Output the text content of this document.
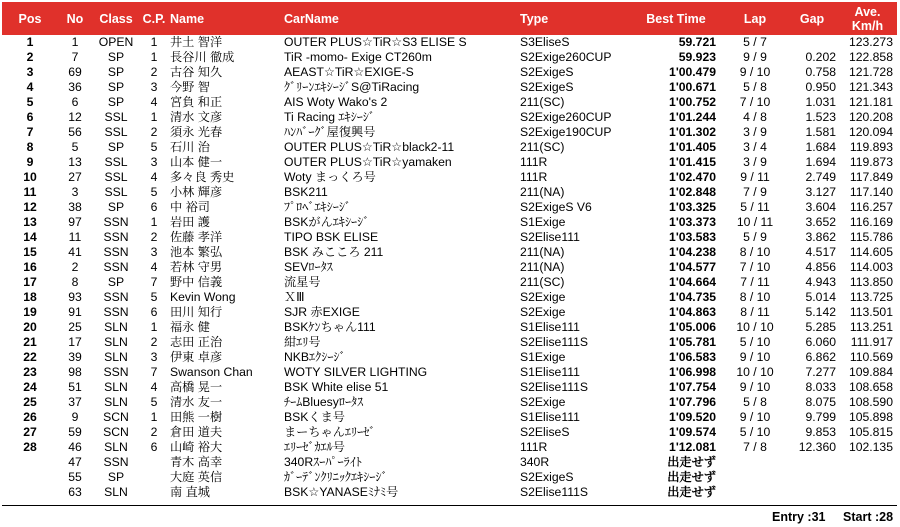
Pos	No	Class	C.P.	Name	CarName	Type	Best Time	Lap	Gap	Ave.
Km/h
1	1	OPEN	1	井土 智洋	OUTER PLUS☆TiR☆S3 ELISE S	S3EliseS	59.721	5 / 7		123.273
2	7	SP	1	長谷川 徹成	TiR -momo- Exige CT260m	S2Exige260CUP	59.923	9 / 9	0.202	122.858
3	69	SP	2	古谷 知久	AEAST☆TiR☆EXIGE-S	S2ExigeS	1'00.479	9 / 10	0.758	121.728
4	36	SP	3	今野 智	ｸﾞﾘｰﾝｴｷｼｰｼﾞS@TiRacing	S2ExigeS	1'00.671	5 / 8	0.950	121.343
5	6	SP	4	宮負 和正	AIS Woty Wako's 2	211(SC)	1'00.752	7 / 10	1.031	121.181
6	12	SSL	1	清水 文彦	Ti Racing ｴｷｼｰｼﾞ	S2Exige260CUP	1'01.244	4 / 8	1.523	120.208
7	56	SSL	2	須永 光春	ﾊﾝﾊﾞｰｸﾞ屋復興号	S2Exige190CUP	1'01.302	3 / 9	1.581	120.094
8	5	SP	5	石川 治	OUTER PLUS☆TiR☆black2-11	211(SC)	1'01.405	3 / 4	1.684	119.893
9	13	SSL	3	山本 健一	OUTER PLUS☆TiR☆yamaken	111R	1'01.415	3 / 9	1.694	119.873
10	27	SSL	4	多々良 秀史	Woty まっくろ号	111R	1'02.470	9 / 11	2.749	117.849
11	3	SSL	5	小林 輝彦	BSK211	211(NA)	1'02.848	7 / 9	3.127	117.140
12	38	SP	6	中 裕司	ﾌﾟﾛﾍﾞｴｷｼｰｼﾞ	S2ExigeS V6	1'03.325	5 / 11	3.604	116.257
13	97	SSN	1	岩田 護	BSKがんｴｷｼｰｼﾞ	S1Exige	1'03.373	10 / 11	3.652	116.169
14	11	SSN	2	佐藤 孝洋	TIPO BSK ELISE	S2Elise111	1'03.583	5 / 9	3.862	115.786
15	41	SSN	3	池本 繁弘	BSK みこころ 211	211(NA)	1'04.238	8 / 10	4.517	114.605
16	2	SSN	4	若林 守男	SEVﾛｰﾀｽ	211(NA)	1'04.577	7 / 10	4.856	114.003
17	8	SP	7	野中 信義	流星号	211(SC)	1'04.664	7 / 11	4.943	113.850
18	93	SSN	5	Kevin Wong	ＸⅢ	S2Exige	1'04.735	8 / 10	5.014	113.725
19	91	SSN	6	田川 知行	SJR 赤EXIGE	S2Exige	1'04.863	8 / 11	5.142	113.501
20	25	SLN	1	福永 健	BSKｹﾝちゃん111	S1Elise111	1'05.006	10 / 10	5.285	113.251
21	17	SLN	2	志田 正治	紺ｴﾘ号	S2Elise111S	1'05.781	5 / 10	6.060	111.917
22	39	SLN	3	伊東 卓彦	NKBｴｸｼｰｼﾞ	S1Exige	1'06.583	9 / 10	6.862	110.569
23	98	SSN	7	Swanson Chan	WOTY SILVER LIGHTING	S1Elise111	1'06.998	10 / 10	7.277	109.884
24	51	SLN	4	高橋 晃一	BSK White elise 51	S2Elise111S	1'07.754	9 / 10	8.033	108.658
25	37	SLN	5	清水 友一	ﾁｰﾑBluesyﾛｰﾀｽ	S2Exige	1'07.796	5 / 8	8.075	108.590
26	9	SCN	1	田熊 一樹	BSKくま号	S1Elise111	1'09.520	9 / 10	9.799	105.898
27	59	SCN	2	倉田 道夫	まーちゃんｴﾘｰｾﾞ	S2EliseS	1'09.574	5 / 10	9.853	105.815
28	46	SLN	6	山崎 裕大	ｴﾘｰｾﾞｶｴﾙ号	111R	1'12.081	7 / 8	12.360	102.135
	47	SSN		青木 高幸	340Rｽｰﾊﾟｰﾗｲﾄ	340R	出走せず			
	55	SP		大庭 英信	ｶﾞｰﾃﾞﾝｸﾘﾆｯｸｴｷｼｰｼﾞ	S2ExigeS	出走せず			
	63	SLN		南 直城	BSK☆YANASEﾐﾅﾐ号	S2Elise111S	出走せず			
Entry :31 Start :28
